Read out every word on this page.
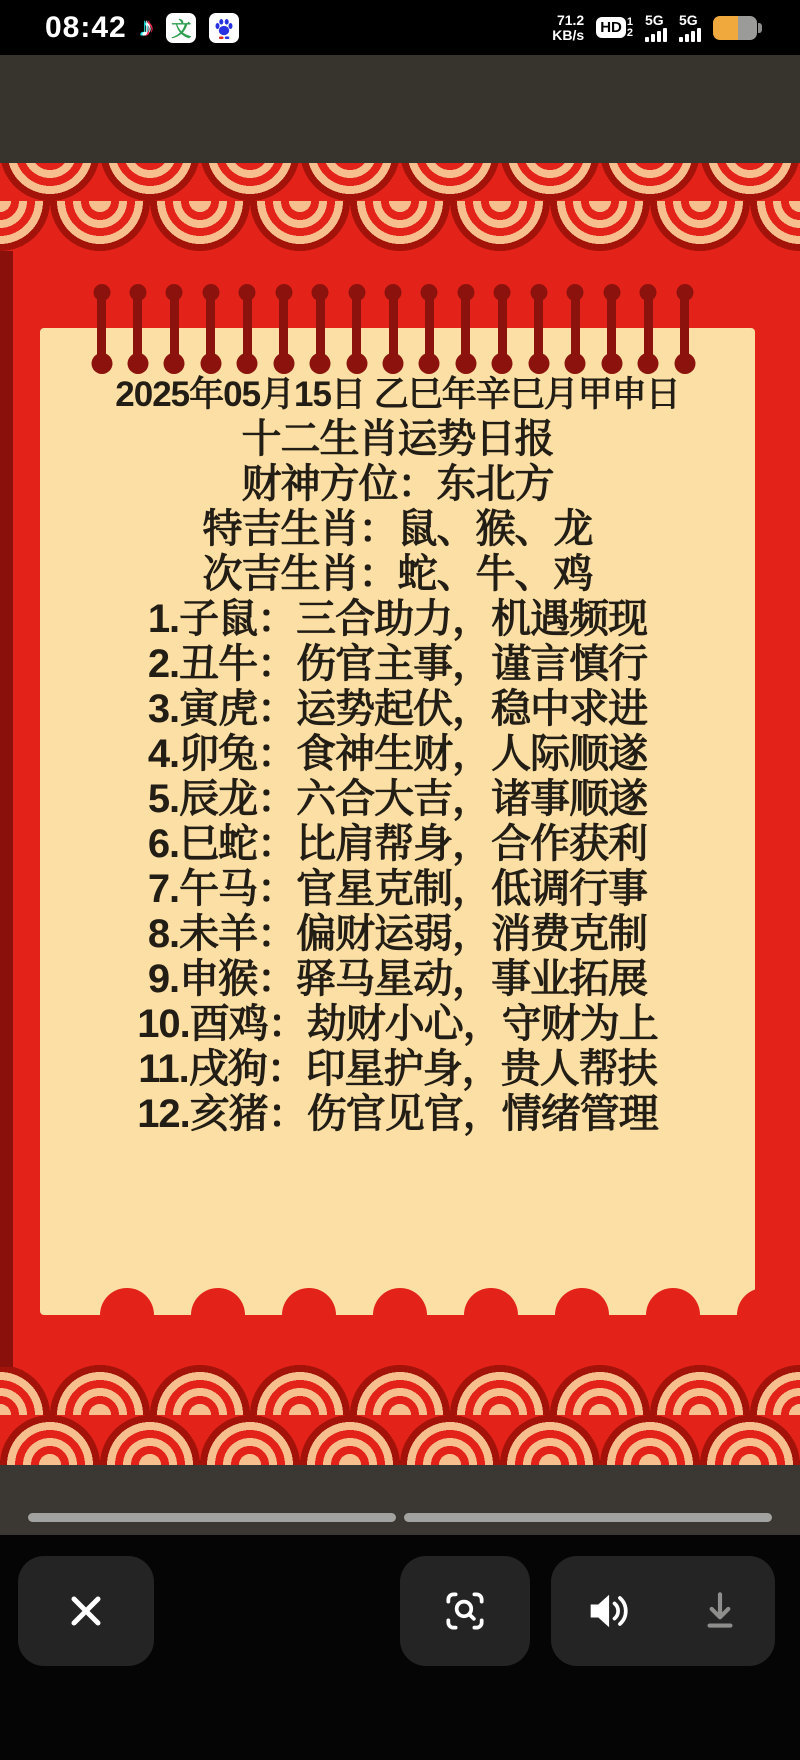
08:42 ♪ 文	71.2
KB/s HD 1
2
5G 5G
2025年05月15日 乙巳年辛巳月甲申日
十二生肖运势日报
财神方位：东北方
特吉生肖：鼠、猴、龙
次吉生肖：蛇、牛、鸡
1.子鼠：三合助力，机遇频现
2.丑牛：伤官主事，谨言慎行
3.寅虎：运势起伏，稳中求进
4.卯兔：食神生财，人际顺遂
5.辰龙：六合大吉，诸事顺遂
6.巳蛇：比肩帮身，合作获利
7.午马：官星克制，低调行事
8.未羊：偏财运弱，消费克制
9.申猴：驿马星动，事业拓展
10.酉鸡：劫财小心，守财为上
11.戌狗：印星护身，贵人帮扶
12.亥猪：伤官见官，情绪管理
